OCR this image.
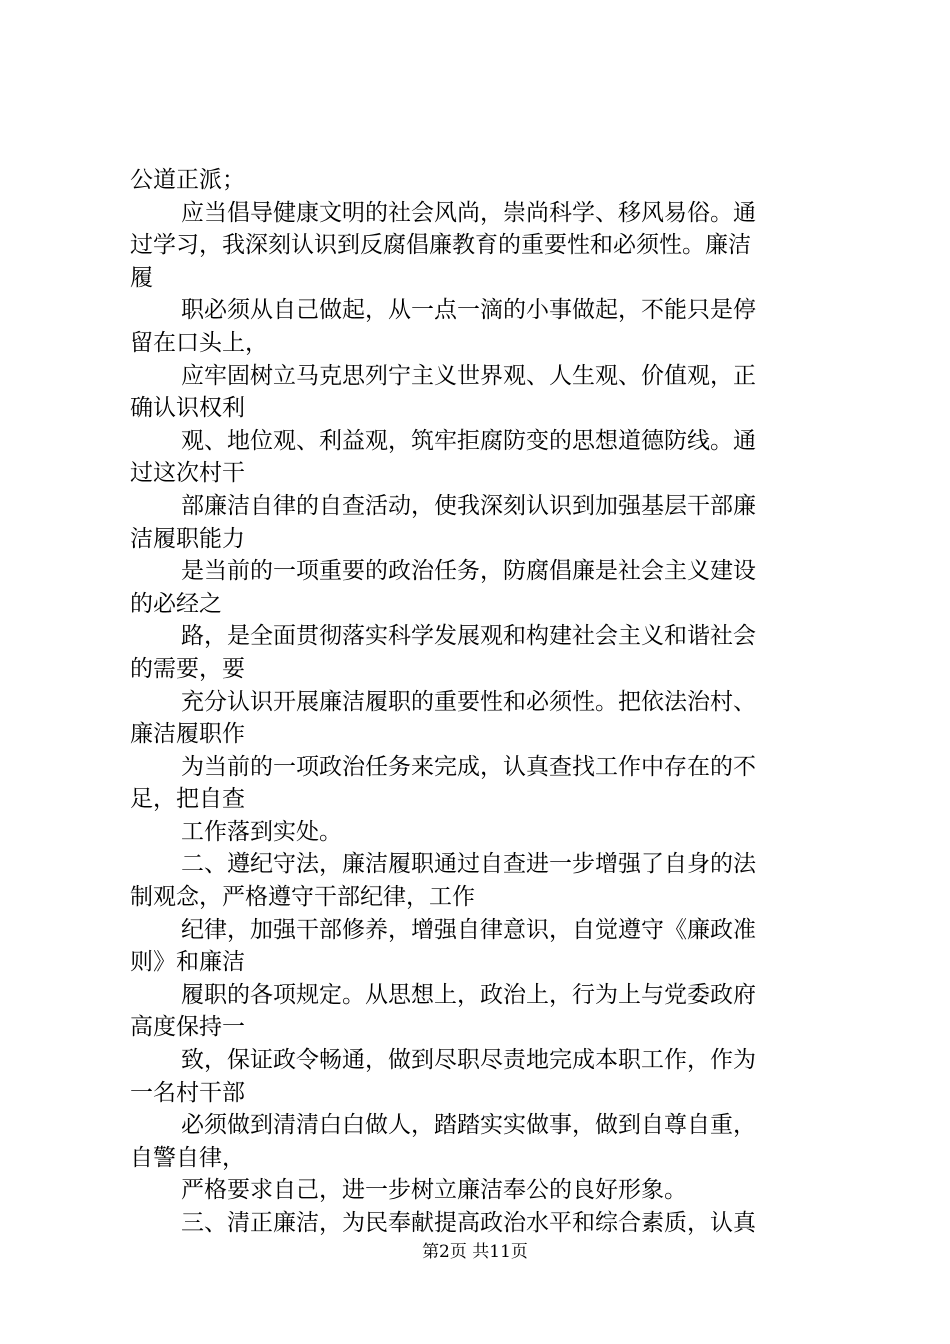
公道正派；
应当倡导健康文明的社会风尚，崇尚科学、移风易俗。通
过学习，我深刻认识到反腐倡廉教育的重要性和必须性。廉洁
履
职必须从自己做起，从一点一滴的小事做起，不能只是停
留在口头上，
应牢固树立马克思列宁主义世界观、人生观、价值观，正
确认识权利
观、地位观、利益观，筑牢拒腐防变的思想道德防线。通
过这次村干
部廉洁自律的自查活动，使我深刻认识到加强基层干部廉
洁履职能力
是当前的一项重要的政治任务，防腐倡廉是社会主义建设
的必经之
路，是全面贯彻落实科学发展观和构建社会主义和谐社会
的需要，要
充分认识开展廉洁履职的重要性和必须性。把依法治村、
廉洁履职作
为当前的一项政治任务来完成，认真查找工作中存在的不
足，把自查
工作落到实处。
二、遵纪守法，廉洁履职通过自查进一步增强了自身的法
制观念，严格遵守干部纪律，工作
纪律，加强干部修养，增强自律意识，自觉遵守《廉政准
则》和廉洁
履职的各项规定。从思想上，政治上，行为上与党委政府
高度保持一
致，保证政令畅通，做到尽职尽责地完成本职工作，作为
一名村干部
必须做到清清白白做人，踏踏实实做事，做到自尊自重，
自警自律，
严格要求自己，进一步树立廉洁奉公的良好形象。
三、清正廉洁，为民奉献提高政治水平和综合素质，认真
第2页 共11页
